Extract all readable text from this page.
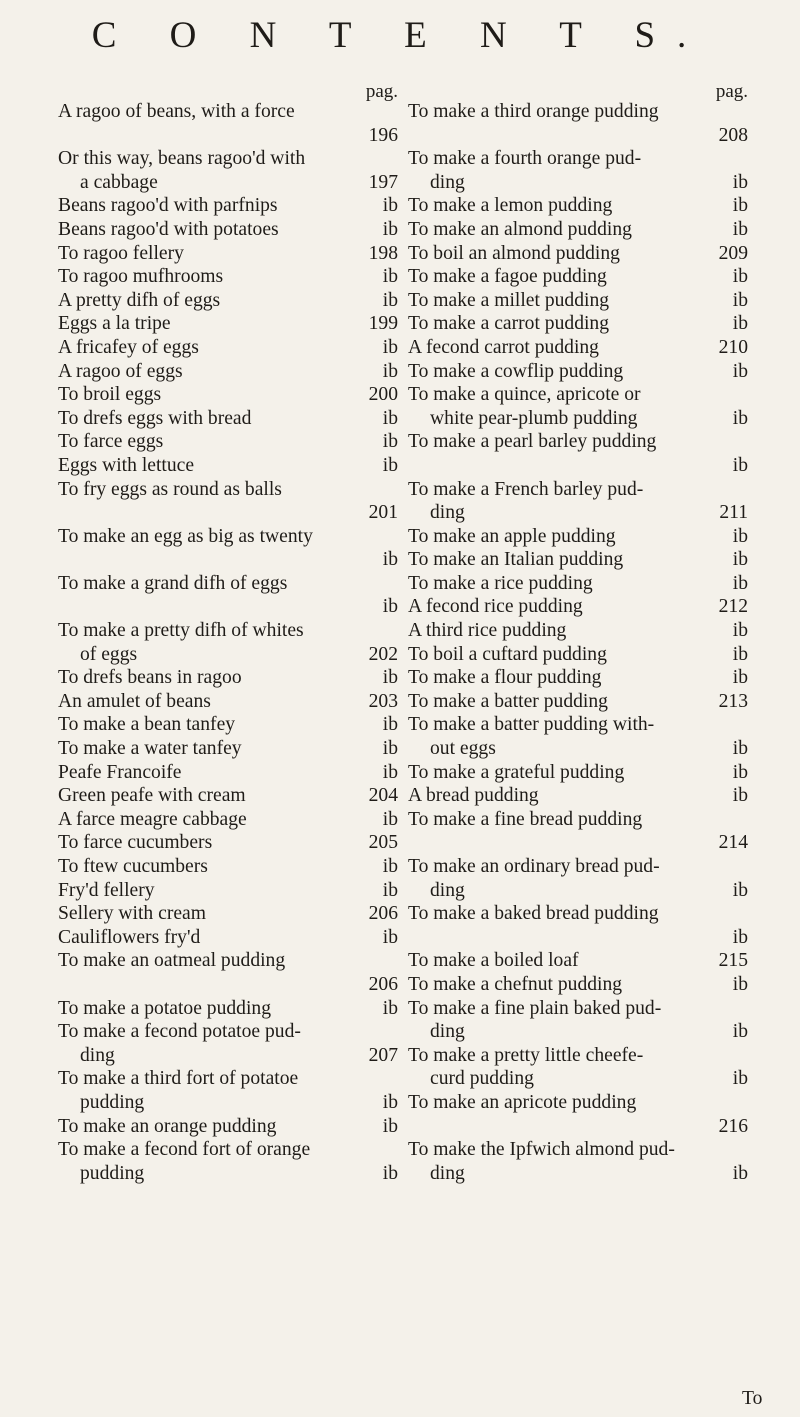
C O N T E N T S.
pag.
A ragoo of beans, with a force
196
Or this way, beans ragoo'd with
a cabbage	197
Beans ragoo'd with parfnips	ib
Beans ragoo'd with potatoes	ib
To ragoo fellery	198
To ragoo mufhrooms	ib
A pretty difh of eggs	ib
Eggs a la tripe	199
A fricafey of eggs	ib
A ragoo of eggs	ib
To broil eggs	200
To drefs eggs with bread	ib
To farce eggs	ib
Eggs with lettuce	ib
To fry eggs as round as balls
201
To make an egg as big as twenty
ib
To make a grand difh of eggs
ib
To make a pretty difh of whites
of eggs	202
To drefs beans in ragoo	ib
An amulet of beans	203
To make a bean tanfey	ib
To make a water tanfey	ib
Peafe Francoife	ib
Green peafe with cream	204
A farce meagre cabbage	ib
To farce cucumbers	205
To ftew cucumbers	ib
Fry'd fellery	ib
Sellery with cream	206
Cauliflowers fry'd	ib
To make an oatmeal pudding
206
To make a potatoe pudding	ib
To make a fecond potatoe pud-
ding	207
To make a third fort of potatoe
pudding	ib
To make an orange pudding	ib
To make a fecond fort of orange
pudding	ib
pag.
To make a third orange pudding
208
To make a fourth orange pud-
ding	ib
To make a lemon pudding	ib
To make an almond pudding	ib
To boil an almond pudding	209
To make a fagoe pudding	ib
To make a millet pudding	ib
To make a carrot pudding	ib
A fecond carrot pudding	210
To make a cowflip pudding	ib
To make a quince, apricote or
white pear-plumb pudding	ib
To make a pearl barley pudding
ib
To make a French barley pud-
ding	211
To make an apple pudding	ib
To make an Italian pudding	ib
To make a rice pudding	ib
A fecond rice pudding	212
A third rice pudding	ib
To boil a cuftard pudding	ib
To make a flour pudding	ib
To make a batter pudding	213
To make a batter pudding with-
out eggs	ib
To make a grateful pudding	ib
A bread pudding	ib
To make a fine bread pudding
214
To make an ordinary bread pud-
ding	ib
To make a baked bread pudding
ib
To make a boiled loaf	215
To make a chefnut pudding	ib
To make a fine plain baked pud-
ding	ib
To make a pretty little cheefe-
curd pudding	ib
To make an apricote pudding
216
To make the Ipfwich almond pud-
ding	ib
To
